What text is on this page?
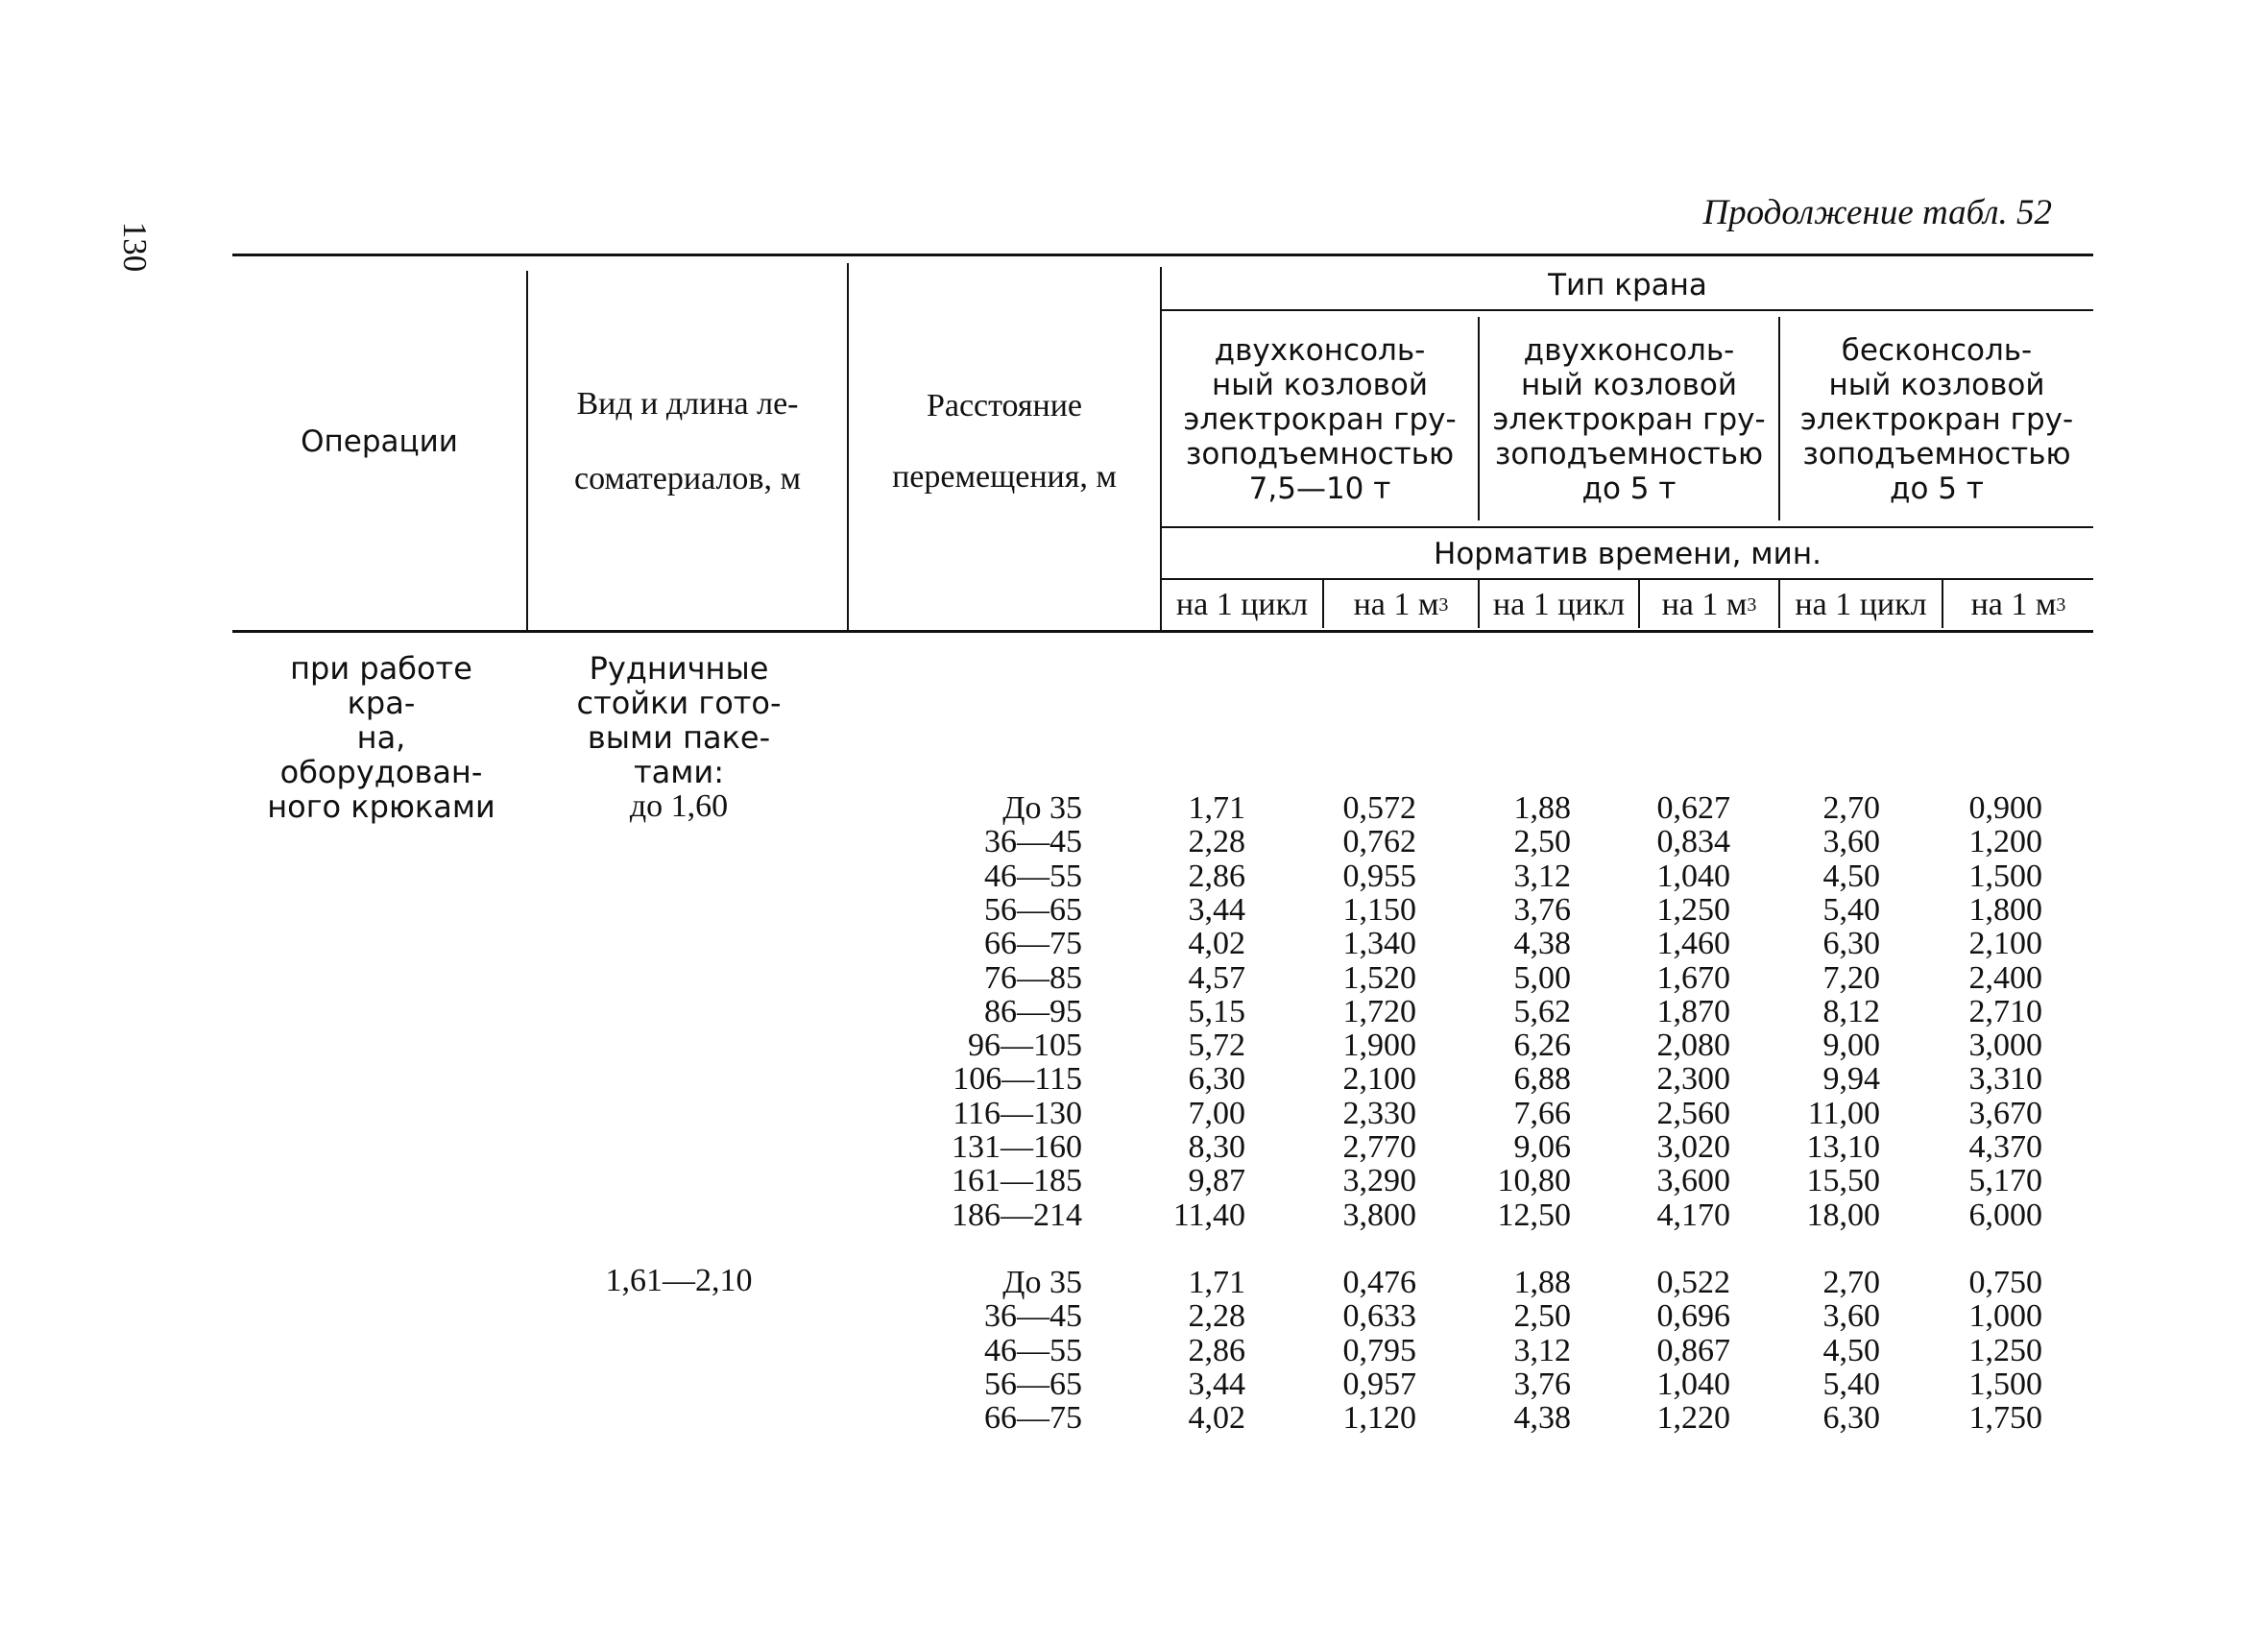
130
Продолжение табл. 52
Операции
Вид и длина ле-
соматериалов, м
Расстояние
перемещения, м
Тип крана
двухконсоль-
ный козловой
электрокран гру-
зоподъемностью
7,5—10 т
двухконсоль-
ный козловой
электрокран гру-
зоподъемностью
до 5 т
бесконсоль-
ный козловой
электрокран гру-
зоподъемностью
до 5 т
Норматив времени, мин.
на 1 цикл на 1 м 3 на 1 цикл на 1 м 3 на 1 цикл на 1 м 3
при работе кра-
на, оборудован-
ного крюками
Рудничные
стойки гото-
выми паке-
тами:
до 1,60
1,61—2,10
До 35	1,71	0,572	1,88	0,627	2,70	0,900
36—45	2,28	0,762	2,50	0,834	3,60	1,200
46—55	2,86	0,955	3,12	1,040	4,50	1,500
56—65	3,44	1,150	3,76	1,250	5,40	1,800
66—75	4,02	1,340	4,38	1,460	6,30	2,100
76—85	4,57	1,520	5,00	1,670	7,20	2,400
86—95	5,15	1,720	5,62	1,870	8,12	2,710
96—105	5,72	1,900	6,26	2,080	9,00	3,000
106—115	6,30	2,100	6,88	2,300	9,94	3,310
116—130	7,00	2,330	7,66	2,560 11,00	3,670
131—160	8,30	2,770	9,06	3,020 13,10	4,370
161—185	9,87	3,290 10,80	3,600 15,50	5,170
186—214	11,40	3,800 12,50	4,170 18,00	6,000
До 35	1,71	0,476	1,88	0,522	2,70	0,750
36—45	2,28	0,633	2,50	0,696	3,60	1,000
46—55	2,86	0,795	3,12	0,867	4,50	1,250
56—65	3,44	0,957	3,76	1,040	5,40	1,500
66—75	4,02	1,120	4,38	1,220	6,30	1,750
